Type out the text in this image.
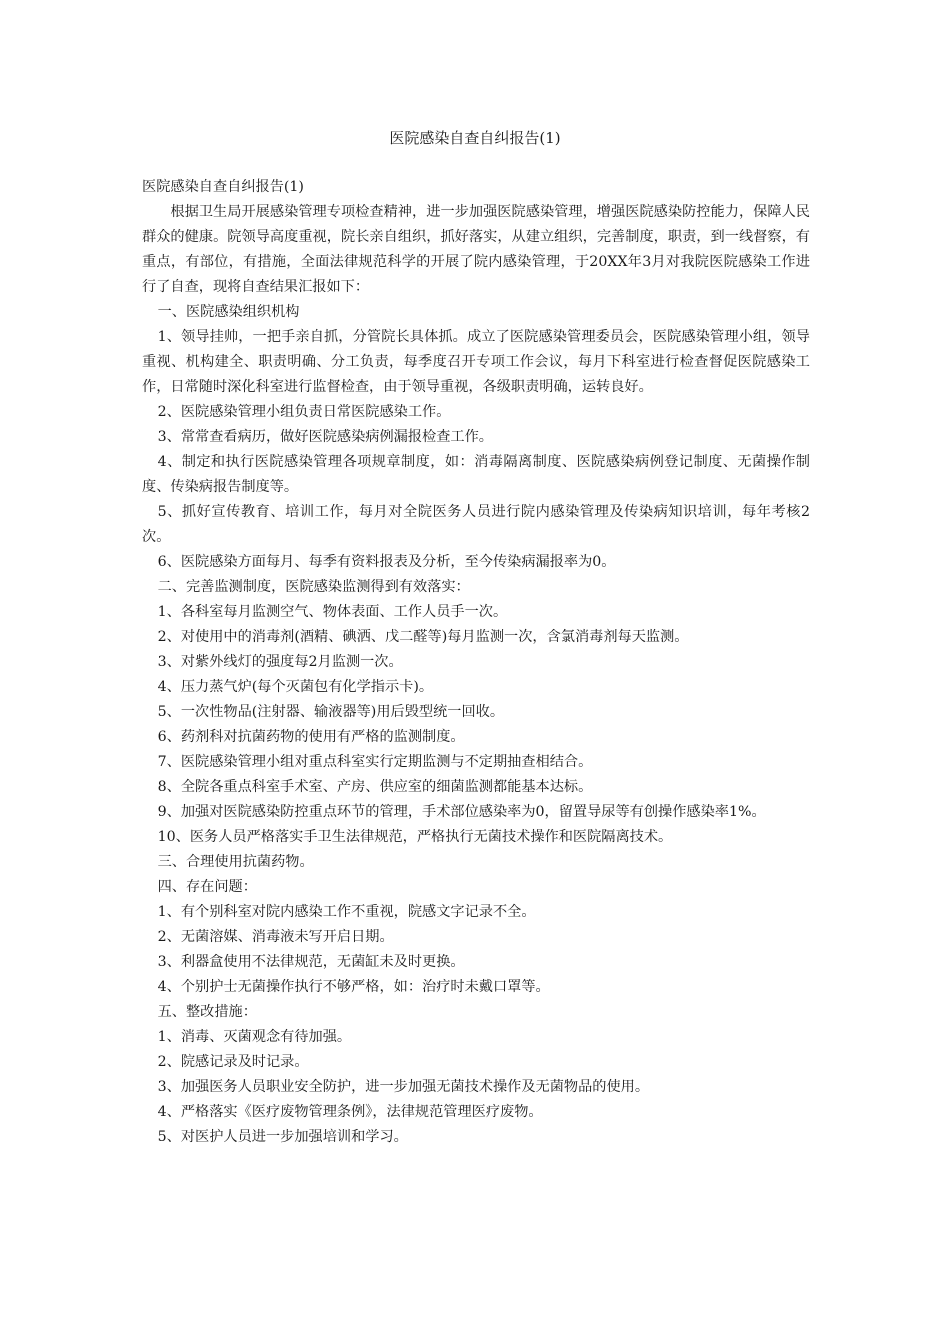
医院感染自查自纠报告(1)

医院感染自查自纠报告(1)

根据卫生局开展感染管理专项检查精神，进一步加强医院感染管理，增强医院感染防控能力，保障人民群众的健康。院领导高度重视，院长亲自组织，抓好落实，从建立组织，完善制度，职责，到一线督察，有重点，有部位，有措施，全面法律规范科学的开展了院内感染管理，于20XX年3月对我院医院感染工作进行了自查，现将自查结果汇报如下：

一、医院感染组织机构

1、领导挂帅，一把手亲自抓，分管院长具体抓。成立了医院感染管理委员会，医院感染管理小组，领导重视、机构建全、职责明确、分工负责，每季度召开专项工作会议，每月下科室进行检查督促医院感染工作，日常随时深化科室进行监督检查，由于领导重视，各级职责明确，运转良好。

2、医院感染管理小组负责日常医院感染工作。

3、常常查看病历，做好医院感染病例漏报检查工作。

4、制定和执行医院感染管理各项规章制度，如：消毒隔离制度、医院感染病例登记制度、无菌操作制度、传染病报告制度等。

5、抓好宣传教育、培训工作，每月对全院医务人员进行院内感染管理及传染病知识培训，每年考核2次。

6、医院感染方面每月、每季有资料报表及分析，至今传染病漏报率为0。

二、完善监测制度，医院感染监测得到有效落实：

1、各科室每月监测空气、物体表面、工作人员手一次。

2、对使用中的消毒剂(酒精、碘洒、戊二醛等)每月监测一次，含氯消毒剂每天监测。

3、对紫外线灯的强度每2月监测一次。

4、压力蒸气炉(每个灭菌包有化学指示卡)。

5、一次性物品(注射器、输液器等)用后毁型统一回收。

6、药剂科对抗菌药物的使用有严格的监测制度。

7、医院感染管理小组对重点科室实行定期监测与不定期抽查相结合。

8、全院各重点科室手术室、产房、供应室的细菌监测都能基本达标。

9、加强对医院感染防控重点环节的管理，手术部位感染率为0，留置导尿等有创操作感染率1%。

10、医务人员严格落实手卫生法律规范，严格执行无菌技术操作和医院隔离技术。

三、合理使用抗菌药物。

四、存在问题：

1、有个别科室对院内感染工作不重视，院感文字记录不全。

2、无菌溶媒、消毒液未写开启日期。

3、利器盒使用不法律规范，无菌缸未及时更换。

4、个别护士无菌操作执行不够严格，如：治疗时未戴口罩等。

五、整改措施：

1、消毒、灭菌观念有待加强。

2、院感记录及时记录。

3、加强医务人员职业安全防护，进一步加强无菌技术操作及无菌物品的使用。

4、严格落实《医疗废物管理条例》，法律规范管理医疗废物。

5、对医护人员进一步加强培训和学习。
